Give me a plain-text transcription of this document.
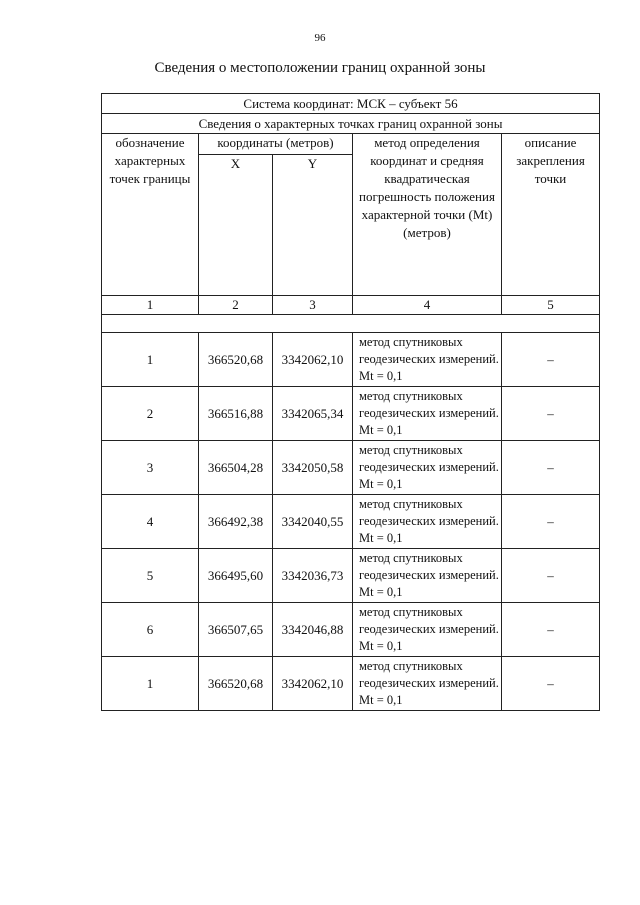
96
Сведения о местоположении границ охранной зоны
Система координат: МСК – субъект 56				
Сведения о характерных точках границ охранной зоны				
обозначение характерных точек границы	координаты (метров)		метод определения координат и средняя квадратическая погрешность положения характерной точки (Mt) (метров)	описание закрепления точки
	X	Y		

1	2	3	4	5

1	366520,68	3342062,10	метод спутниковых геодезических измерений. Mt = 0,1	–
2	366516,88	3342065,34	метод спутниковых геодезических измерений. Mt = 0,1	–
3	366504,28	3342050,58	метод спутниковых геодезических измерений. Mt = 0,1	–
4	366492,38	3342040,55	метод спутниковых геодезических измерений. Mt = 0,1	–
5	366495,60	3342036,73	метод спутниковых геодезических измерений. Mt = 0,1	–
6	366507,65	3342046,88	метод спутниковых геодезических измерений. Mt = 0,1	–
1	366520,68	3342062,10	метод спутниковых геодезических измерений. Mt = 0,1	–
